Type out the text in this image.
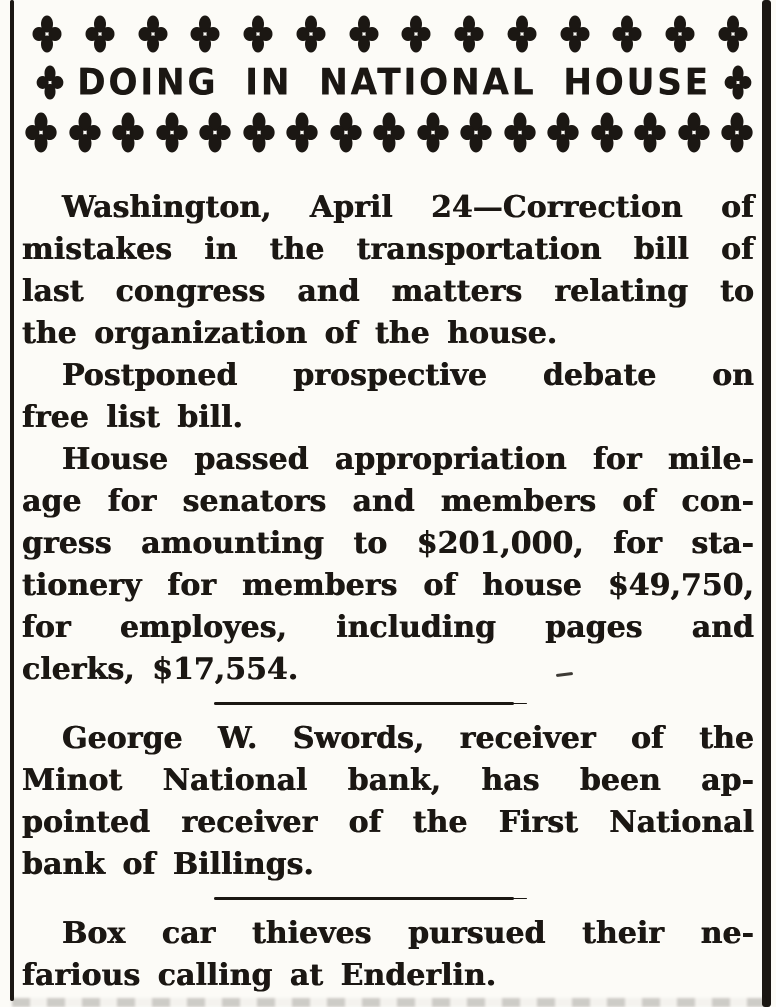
DOING IN NATIONAL HOUSE
Washington, April 24—Correction of
mistakes in the transportation bill of
last congress and matters relating to
the organization of the house.
Postponed prospective debate on
free list bill.
House passed appropriation for mile-
age for senators and members of con-
gress amounting to $201,000, for sta-
tionery for members of house $49,750,
for employes, including pages and
clerks, $17,554.
George W. Swords, receiver of the
Minot National bank, has been ap-
pointed receiver of the First National
bank of Billings.
Box car thieves pursued their ne-
farious calling at Enderlin.
